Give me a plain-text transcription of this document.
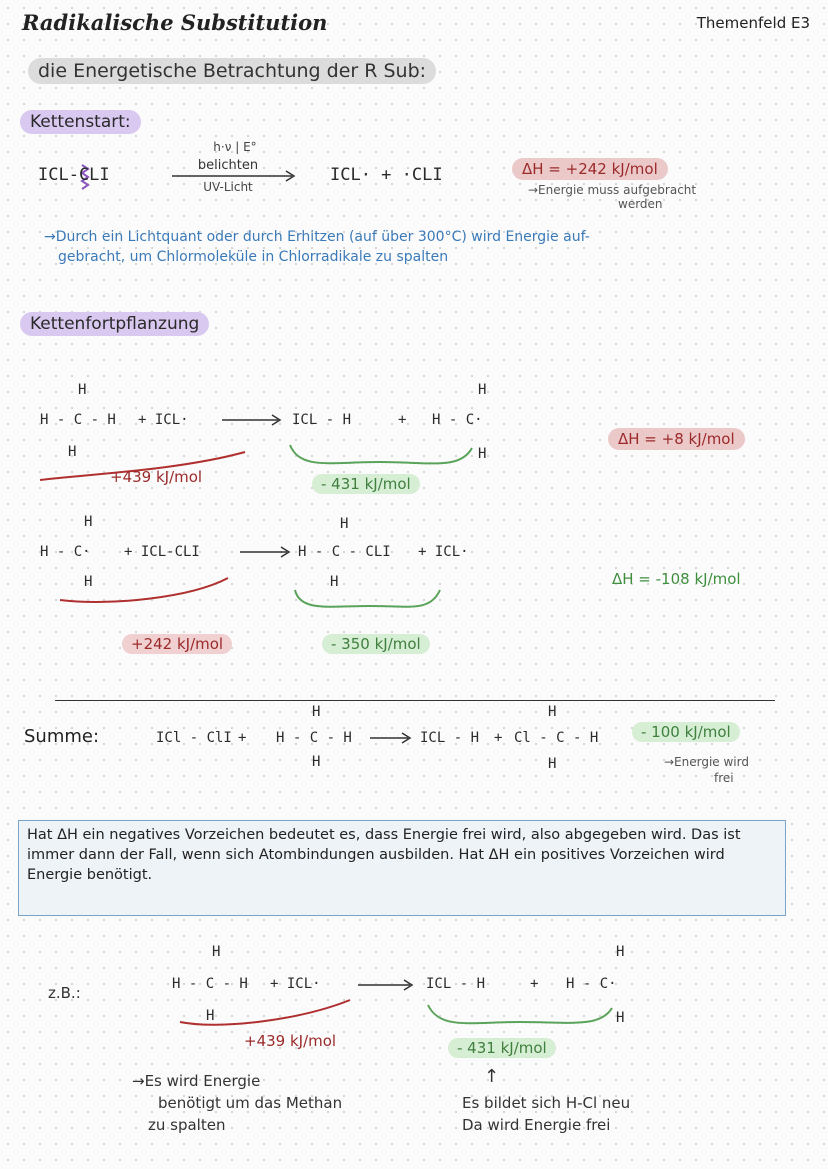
Radikalische Substitution	Themenfeld E3
die Energetische Betrachtung der R Sub:
Kettenstart:
ICL-CLI
h·ν | E°
belichten
UV-Licht
ICL· + ·CLI	ΔH = +242 kJ/mol
→Energie muss aufgebracht
werden
→Durch ein Lichtquant oder durch Erhitzen (auf über 300°C) wird Energie auf-
gebracht, um Chlormoleküle in Chlorradikale zu spalten
Kettenfortpflanzung
H
H - C - H
H
+ ICL·	ICL - H	+
H
H - C·
H
+439 kJ/mol	- 431 kJ/mol
ΔH = +8 kJ/mol
H
H - C·
H
+ ICL-CLI
H
H - C - CLI
H
+ ICL·
+242 kJ/mol	- 350 kJ/mol
ΔH = -108 kJ/mol
Summe:	ICl - ClI +
H
H - C - H
H
ICL - H +
H
Cl - C - H
H
- 100 kJ/mol
→Energie wird
frei
Hat ΔH ein negatives Vorzeichen bedeutet es, dass Energie frei wird, also abgegeben wird. Das ist immer dann der Fall, wenn sich Atombindungen ausbilden. Hat ΔH ein positives Vorzeichen wird Energie benötigt.
z.B.:
H
H - C - H
H
+ ICL·	ICL - H	+
H
H - C·
H
+439 kJ/mol	- 431 kJ/mol
→Es wird Energie
benötigt um das Methan
zu spalten
↑
Es bildet sich H-Cl neu
Da wird Energie frei
